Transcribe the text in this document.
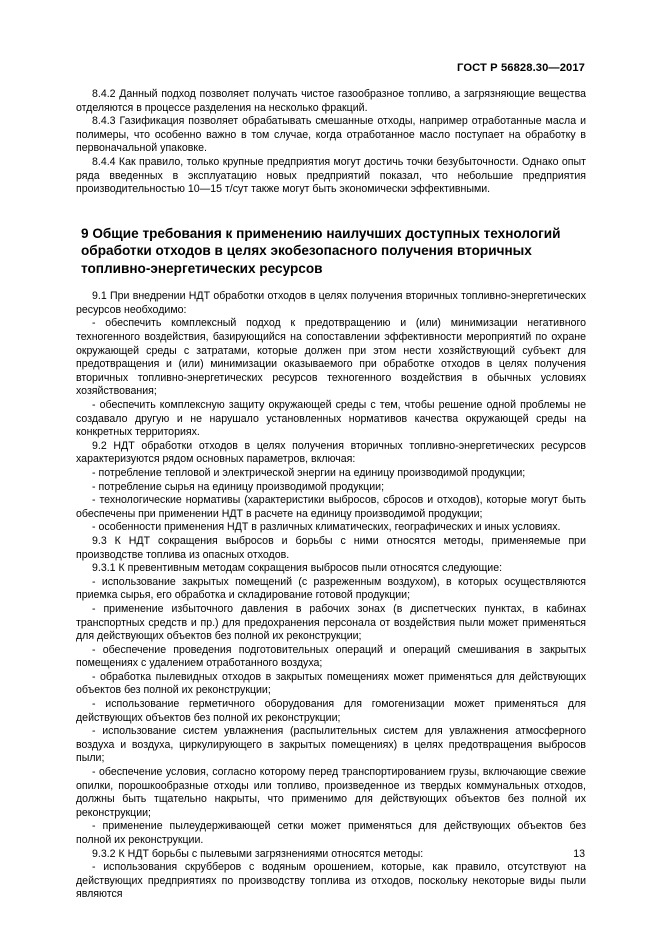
ГОСТ Р 56828.30—2017

8.4.2 Данный подход позволяет получать чистое газообразное топливо, а загрязняющие вещества отделяются в процессе разделения на несколько фракций.

8.4.3 Газификация позволяет обрабатывать смешанные отходы, например отработанные масла и полимеры, что особенно важно в том случае, когда отработанное масло поступает на обработку в первоначальной упаковке.

8.4.4 Как правило, только крупные предприятия могут достичь точки безубыточности. Однако опыт ряда введенных в эксплуатацию новых предприятий показал, что небольшие предприятия производительностью 10—15 т/сут также могут быть экономически эффективными.

9 Общие требования к применению наилучших доступных технологий обработки отходов в целях экобезопасного получения вторичных топливно-энергетических ресурсов

9.1 При внедрении НДТ обработки отходов в целях получения вторичных топливно-энергетических ресурсов необходимо:

- обеспечить комплексный подход к предотвращению и (или) минимизации негативного техногенного воздействия, базирующийся на сопоставлении эффективности мероприятий по охране окружающей среды с затратами, которые должен при этом нести хозяйствующий субъект для предотвращения и (или) минимизации оказываемого при обработке отходов в целях получения вторичных топливно-энергетических ресурсов техногенного воздействия в обычных условиях хозяйствования;

- обеспечить комплексную защиту окружающей среды с тем, чтобы решение одной проблемы не создавало другую и не нарушало установленных нормативов качества окружающей среды на конкретных территориях.

9.2 НДТ обработки отходов в целях получения вторичных топливно-энергетических ресурсов характеризуются рядом основных параметров, включая:

- потребление тепловой и электрической энергии на единицу производимой продукции;

- потребление сырья на единицу производимой продукции;

- технологические нормативы (характеристики выбросов, сбросов и отходов), которые могут быть обеспечены при применении НДТ в расчете на единицу производимой продукции;

- особенности применения НДТ в различных климатических, географических и иных условиях.

9.3 К НДТ сокращения выбросов и борьбы с ними относятся методы, применяемые при производстве топлива из опасных отходов.

9.3.1 К превентивным методам сокращения выбросов пыли относятся следующие:

- использование закрытых помещений (с разреженным воздухом), в которых осуществляются приемка сырья, его обработка и складирование готовой продукции;

- применение избыточного давления в рабочих зонах (в диспетческих пунктах, в кабинах транспортных средств и пр.) для предохранения персонала от воздействия пыли может применяться для действующих объектов без полной их реконструкции;

- обеспечение проведения подготовительных операций и операций смешивания в закрытых помещениях с удалением отработанного воздуха;

- обработка пылевидных отходов в закрытых помещениях может применяться для действующих объектов без полной их реконструкции;

- использование герметичного оборудования для гомогенизации может применяться для действующих объектов без полной их реконструкции;

- использование систем увлажнения (распылительных систем для увлажнения атмосферного воздуха и воздуха, циркулирующего в закрытых помещениях) в целях предотвращения выбросов пыли;

- обеспечение условия, согласно которому перед транспортированием грузы, включающие свежие опилки, порошкообразные отходы или топливо, произведенное из твердых коммунальных отходов, должны быть тщательно накрыты, что применимо для действующих объектов без полной их реконструкции;

- применение пылеудерживающей сетки может применяться для действующих объектов без полной их реконструкции.

9.3.2 К НДТ борьбы с пылевыми загрязнениями относятся методы:

- использования скрубберов с водяным орошением, которые, как правило, отсутствуют на действующих предприятиях по производству топлива из отходов, поскольку некоторые виды пыли являются

13
